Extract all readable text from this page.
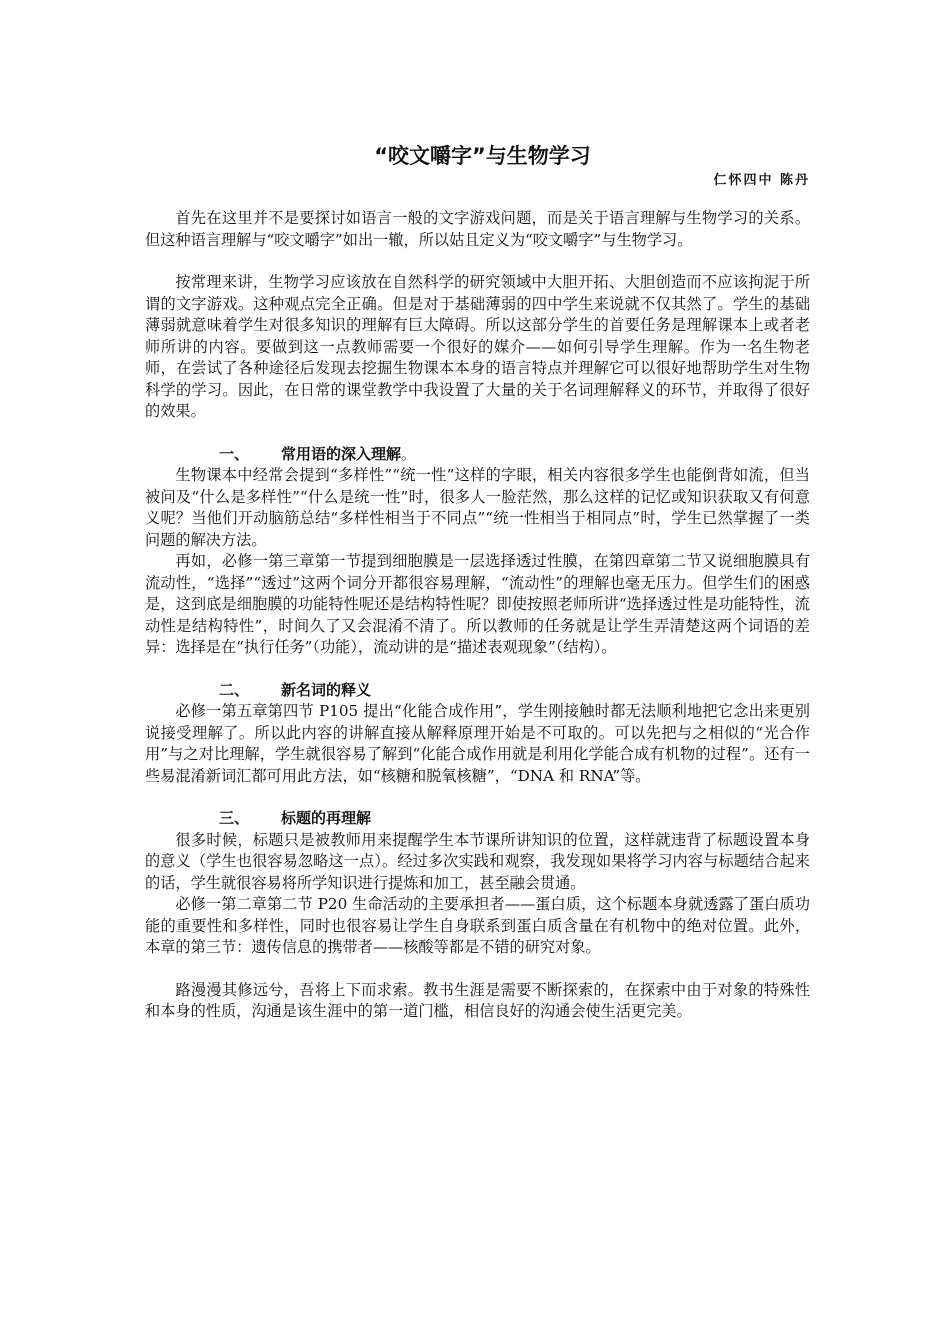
“咬文嚼字”与生物学习

仁怀四中 陈丹

首先在这里并不是要探讨如语言一般的文字游戏问题，而是关于语言理解与生物学习的关系。但这种语言理解与“咬文嚼字”如出一辙，所以姑且定义为“咬文嚼字”与生物学习。

按常理来讲，生物学习应该放在自然科学的研究领域中大胆开拓、大胆创造而不应该拘泥于所谓的文字游戏。这种观点完全正确。但是对于基础薄弱的四中学生来说就不仅其然了。学生的基础薄弱就意味着学生对很多知识的理解有巨大障碍。所以这部分学生的首要任务是理解课本上或者老师所讲的内容。要做到这一点教师需要一个很好的媒介——如何引导学生理解。作为一名生物老师，在尝试了各种途径后发现去挖掘生物课本本身的语言特点并理解它可以很好地帮助学生对生物科学的学习。因此，在日常的课堂教学中我设置了大量的关于名词理解释义的环节，并取得了很好的效果。

一、 常用语的深入理解。

生物课本中经常会提到“多样性”“统一性”这样的字眼，相关内容很多学生也能倒背如流，但当被问及“什么是多样性”“什么是统一性”时，很多人一脸茫然，那么这样的记忆或知识获取又有何意义呢？当他们开动脑筋总结“多样性相当于不同点”“统一性相当于相同点”时，学生已然掌握了一类问题的解决方法。

再如，必修一第三章第一节提到细胞膜是一层选择透过性膜，在第四章第二节又说细胞膜具有流动性，“选择”“透过”这两个词分开都很容易理解，“流动性”的理解也毫无压力。但学生们的困惑是，这到底是细胞膜的功能特性呢还是结构特性呢？即使按照老师所讲“选择透过性是功能特性，流动性是结构特性”，时间久了又会混淆不清了。所以教师的任务就是让学生弄清楚这两个词语的差异：选择是在“执行任务”（功能），流动讲的是“描述表观现象”（结构）。

二、 新名词的释义

必修一第五章第四节 P105 提出“化能合成作用”，学生刚接触时都无法顺利地把它念出来更别说接受理解了。所以此内容的讲解直接从解释原理开始是不可取的。可以先把与之相似的“光合作用”与之对比理解，学生就很容易了解到“化能合成作用就是利用化学能合成有机物的过程”。还有一些易混淆新词汇都可用此方法，如“核糖和脱氧核糖”，“DNA 和 RNA”等。

三、 标题的再理解

很多时候，标题只是被教师用来提醒学生本节课所讲知识的位置，这样就违背了标题设置本身的意义（学生也很容易忽略这一点）。经过多次实践和观察，我发现如果将学习内容与标题结合起来的话，学生就很容易将所学知识进行提炼和加工，甚至融会贯通。

必修一第二章第二节 P20 生命活动的主要承担者——蛋白质，这个标题本身就透露了蛋白质功能的重要性和多样性，同时也很容易让学生自身联系到蛋白质含量在有机物中的绝对位置。此外，本章的第三节：遗传信息的携带者——核酸等都是不错的研究对象。

路漫漫其修远兮，吾将上下而求索。教书生涯是需要不断探索的，在探索中由于对象的特殊性和本身的性质，沟通是该生涯中的第一道门槛，相信良好的沟通会使生活更完美。
